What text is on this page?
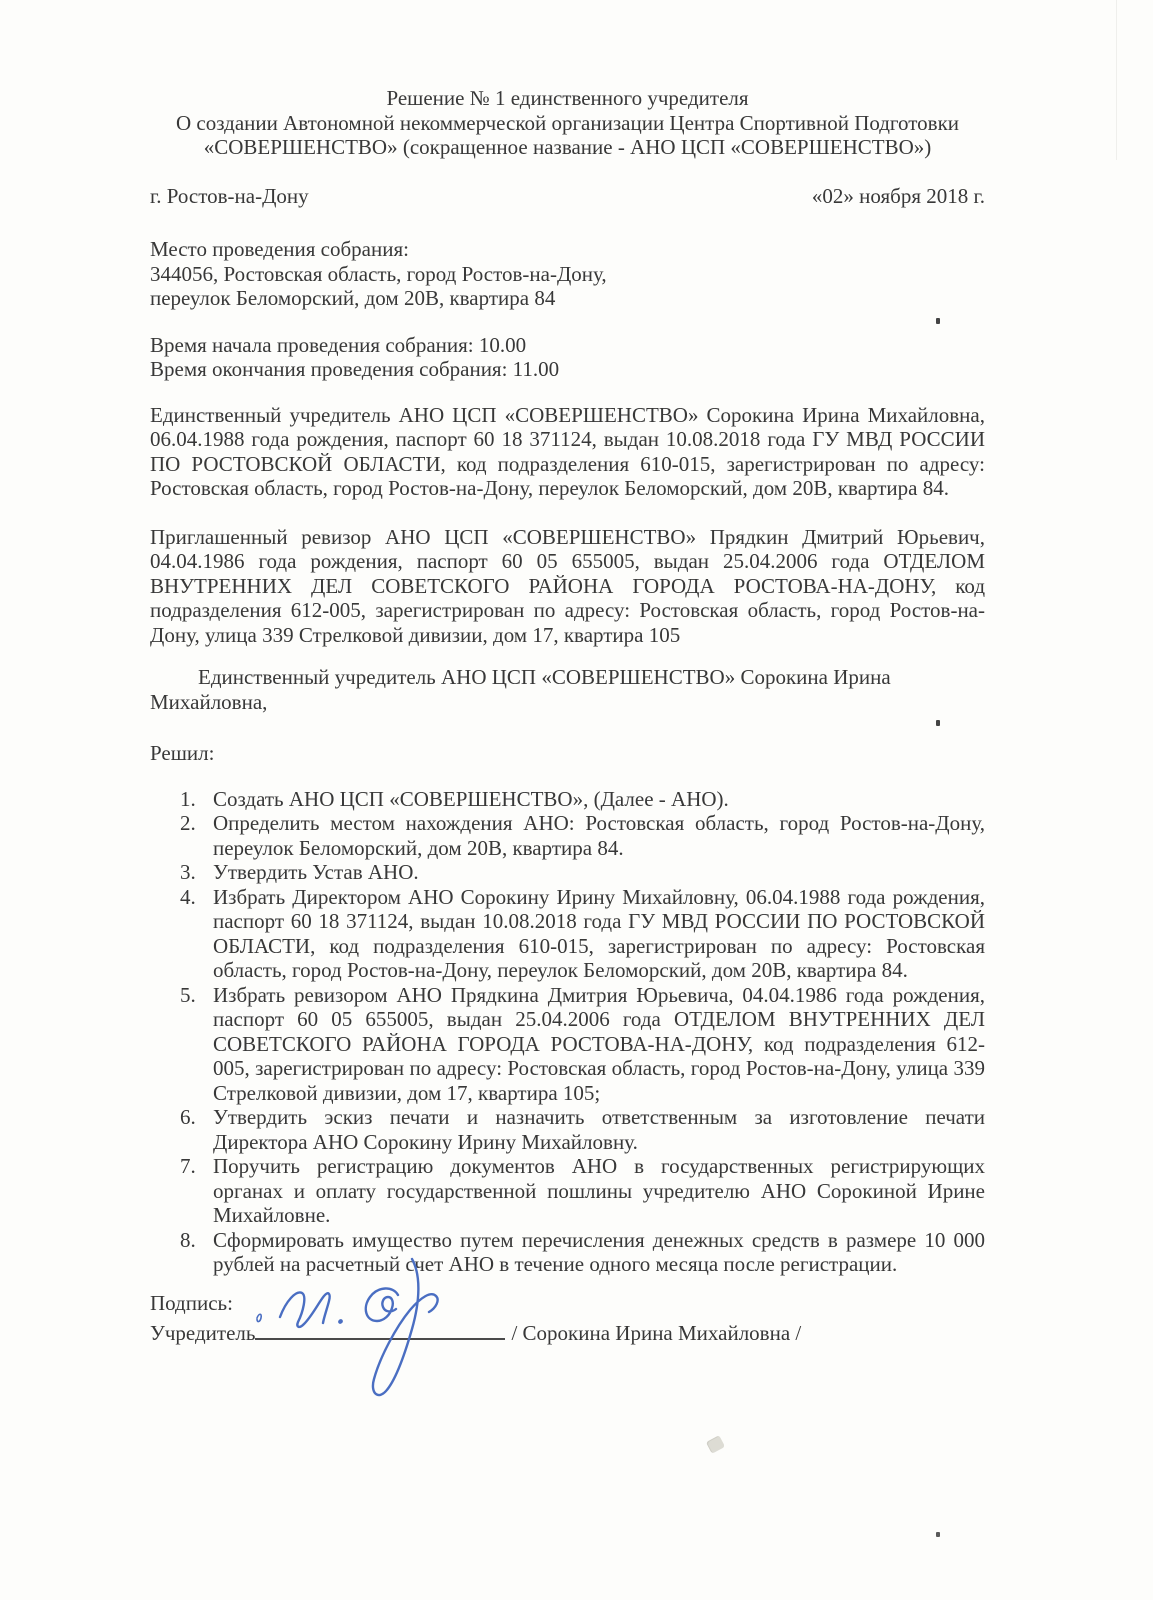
Решение № 1 единственного учредителя
О создании Автономной некоммерческой организации Центра Спортивной Подготовки
«СОВЕРШЕНСТВО» (сокращенное название - АНО ЦСП «СОВЕРШЕНСТВО»)
г. Ростов-на-Дону	«02» ноября 2018 г.
Место проведения собрания:
344056, Ростовская область, город Ростов-на-Дону,
переулок Беломорский, дом 20В, квартира 84
Время начала проведения собрания: 10.00
Время окончания проведения собрания: 11.00
Единственный учредитель АНО ЦСП «СОВЕРШЕНСТВО» Сорокина Ирина Михайловна, 06.04.1988 года рождения, паспорт 60 18 371124, выдан 10.08.2018 года ГУ МВД РОССИИ ПО РОСТОВСКОЙ ОБЛАСТИ, код подразделения 610-015, зарегистрирован по адресу: Ростовская область, город Ростов-на-Дону, переулок Беломорский, дом 20В, квартира 84.
Приглашенный ревизор АНО ЦСП «СОВЕРШЕНСТВО» Прядкин Дмитрий Юрьевич, 04.04.1986 года рождения, паспорт 60 05 655005, выдан 25.04.2006 года ОТДЕЛОМ ВНУТРЕННИХ ДЕЛ СОВЕТСКОГО РАЙОНА ГОРОДА РОСТОВА-НА-ДОНУ, код подразделения 612-005, зарегистрирован по адресу: Ростовская область, город Ростов-на-Дону, улица 339 Стрелковой дивизии, дом 17, квартира 105
Единственный учредитель АНО ЦСП «СОВЕРШЕНСТВО» Сорокина Ирина Михайловна,
Решил:
1. Создать АНО ЦСП «СОВЕРШЕНСТВО», (Далее - АНО).
2. Определить местом нахождения АНО: Ростовская область, город Ростов-на-Дону, переулок Беломорский, дом 20В, квартира 84.
3. Утвердить Устав АНО.
4. Избрать Директором АНО Сорокину Ирину Михайловну, 06.04.1988 года рождения, паспорт 60 18 371124, выдан 10.08.2018 года ГУ МВД РОССИИ ПО РОСТОВСКОЙ ОБЛАСТИ, код подразделения 610-015, зарегистрирован по адресу: Ростовская область, город Ростов-на-Дону, переулок Беломорский, дом 20В, квартира 84.
5. Избрать ревизором АНО Прядкина Дмитрия Юрьевича, 04.04.1986 года рождения, паспорт 60 05 655005, выдан 25.04.2006 года ОТДЕЛОМ ВНУТРЕННИХ ДЕЛ СОВЕТСКОГО РАЙОНА ГОРОДА РОСТОВА-НА-ДОНУ, код подразделения 612-005, зарегистрирован по адресу: Ростовская область, город Ростов-на-Дону, улица 339 Стрелковой дивизии, дом 17, квартира 105;
6. Утвердить эскиз печати и назначить ответственным за изготовление печати Директора АНО Сорокину Ирину Михайловну.
7. Поручить регистрацию документов АНО в государственных регистрирующих органах и оплату государственной пошлины учредителю АНО Сорокиной Ирине Михайловне.
8. Сформировать имущество путем перечисления денежных средств в размере 10 000 рублей на расчетный счет АНО в течение одного месяца после регистрации.
Подпись:
Учредитель	/ Сорокина Ирина Михайловна /
